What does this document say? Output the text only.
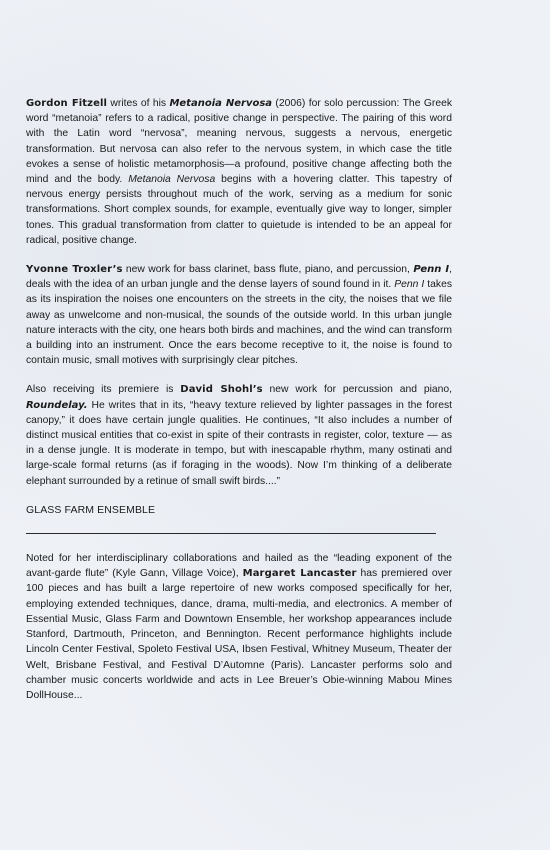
Gordon Fitzell writes of his Metanoia Nervosa (2006) for solo percussion: The Greek word “metanoia” refers to a radical, positive change in perspective. The pairing of this word with the Latin word “nervosa”, meaning nervous, suggests a nervous, energetic transformation. But nervosa can also refer to the nervous system, in which case the title evokes a sense of holistic metamorphosis—a profound, positive change affecting both the mind and the body. Metanoia Nervosa begins with a hovering clatter. This tapestry of nervous energy persists throughout much of the work, serving as a medium for sonic transformations. Short complex sounds, for example, eventually give way to longer, simpler tones. This gradual transformation from clatter to quietude is intended to be an appeal for radical, positive change.

Yvonne Troxler’s new work for bass clarinet, bass flute, piano, and percussion, Penn I, deals with the idea of an urban jungle and the dense layers of sound found in it. Penn I takes as its inspiration the noises one encounters on the streets in the city, the noises that we file away as unwelcome and non-musical, the sounds of the outside world. In this urban jungle nature interacts with the city, one hears both birds and machines, and the wind can transform a building into an instrument. Once the ears become receptive to it, the noise is found to contain music, small motives with surprisingly clear pitches.

Also receiving its premiere is David Shohl’s new work for percussion and piano, Roundelay. He writes that in its, “heavy texture relieved by lighter passages in the forest canopy,” it does have certain jungle qualities. He continues, “It also includes a number of distinct musical entities that co-exist in spite of their contrasts in register, color, texture — as in a dense jungle. It is moderate in tempo, but with inescapable rhythm, many ostinati and large-scale formal returns (as if foraging in the woods). Now I’m thinking of a deliberate elephant surrounded by a retinue of small swift birds....”

GLASS FARM ENSEMBLE

Noted for her interdisciplinary collaborations and hailed as the “leading exponent of the avant-garde flute” (Kyle Gann, Village Voice), Margaret Lancaster has premiered over 100 pieces and has built a large repertoire of new works composed specifically for her, employing extended techniques, dance, drama, multi-media, and electronics. A member of Essential Music, Glass Farm and Downtown Ensemble, her workshop appearances include Stanford, Dartmouth, Princeton, and Bennington. Recent performance highlights include Lincoln Center Festival, Spoleto Festival USA, Ibsen Festival, Whitney Museum, Theater der Welt, Brisbane Festival, and Festival D’Automne (Paris). Lancaster performs solo and chamber music concerts worldwide and acts in Lee Breuer’s Obie-winning Mabou Mines DollHouse...
